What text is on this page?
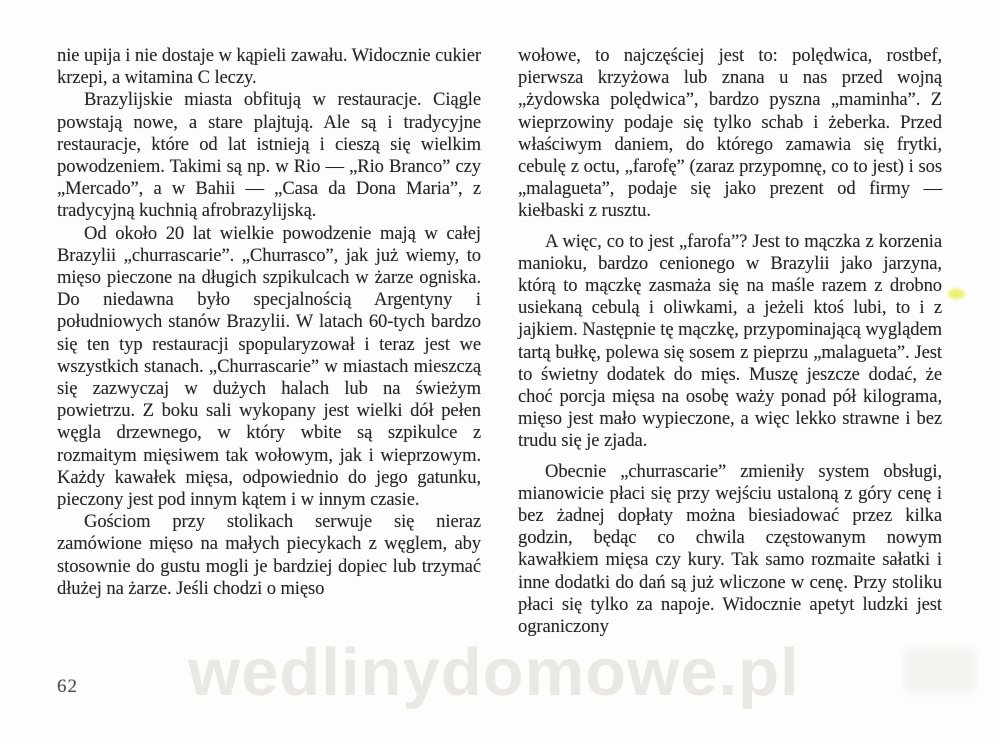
nie upija i nie dostaje w kąpieli zawału. Widocznie cukier krzepi, a witamina C leczy.

Brazylijskie miasta obfitują w restauracje. Ciągle powstają nowe, a stare plajtują. Ale są i tradycyjne restauracje, które od lat istnieją i cieszą się wielkim powodzeniem. Takimi są np. w Rio — „Rio Branco” czy „Mercado”, a w Bahii — „Casa da Dona Maria”, z tradycyjną kuchnią afrobrazylijską.

Od około 20 lat wielkie powodzenie mają w całej Brazylii „churrascarie”. „Churrasco”, jak już wiemy, to mięso pieczone na długich szpikulcach w żarze ogniska. Do niedawna było specjalnością Argentyny i południowych stanów Brazylii. W latach 60-tych bardzo się ten typ restauracji spopularyzował i teraz jest we wszystkich stanach. „Churrascarie” w miastach mieszczą się zazwyczaj w dużych halach lub na świeżym powietrzu. Z boku sali wykopany jest wielki dół pełen węgla drzewnego, w który wbite są szpikulce z rozmaitym mięsiwem tak wołowym, jak i wieprzowym. Każdy kawałek mięsa, odpowiednio do jego gatunku, pieczony jest pod innym kątem i w innym czasie.

Gościom przy stolikach serwuje się nieraz zamówione mięso na małych piecykach z węglem, aby stosownie do gustu mogli je bardziej dopiec lub trzymać dłużej na żarze. Jeśli chodzi o mięso

wołowe, to najczęściej jest to: polędwica, rostbef, pierwsza krzyżowa lub znana u nas przed wojną „żydowska polędwica”, bardzo pyszna „maminha”. Z wieprzowiny podaje się tylko schab i żeberka. Przed właściwym daniem, do którego zamawia się frytki, cebulę z octu, „farofę” (zaraz przypomnę, co to jest) i sos „malagueta”, podaje się jako prezent od firmy — kiełbaski z rusztu.

A więc, co to jest „farofa”? Jest to mączka z korzenia manioku, bardzo cenionego w Brazylii jako jarzyna, którą to mączkę zasmaża się na maśle razem z drobno usiekaną cebulą i oliwkami, a jeżeli ktoś lubi, to i z jajkiem. Następnie tę mączkę, przypominającą wyglądem tartą bułkę, polewa się sosem z pieprzu „malagueta”. Jest to świetny dodatek do mięs. Muszę jeszcze dodać, że choć porcja mięsa na osobę waży ponad pół kilograma, mięso jest mało wypieczone, a więc lekko strawne i bez trudu się je zjada.

Obecnie „churrascarie” zmieniły system obsługi, mianowicie płaci się przy wejściu ustaloną z góry cenę i bez żadnej dopłaty można biesiadować przez kilka godzin, będąc co chwila częstowanym nowym kawałkiem mięsa czy kury. Tak samo rozmaite sałatki i inne dodatki do dań są już wliczone w cenę. Przy stoliku płaci się tylko za napoje. Widocznie apetyt ludzki jest ograniczony

62 wedlinydomowe.pl
